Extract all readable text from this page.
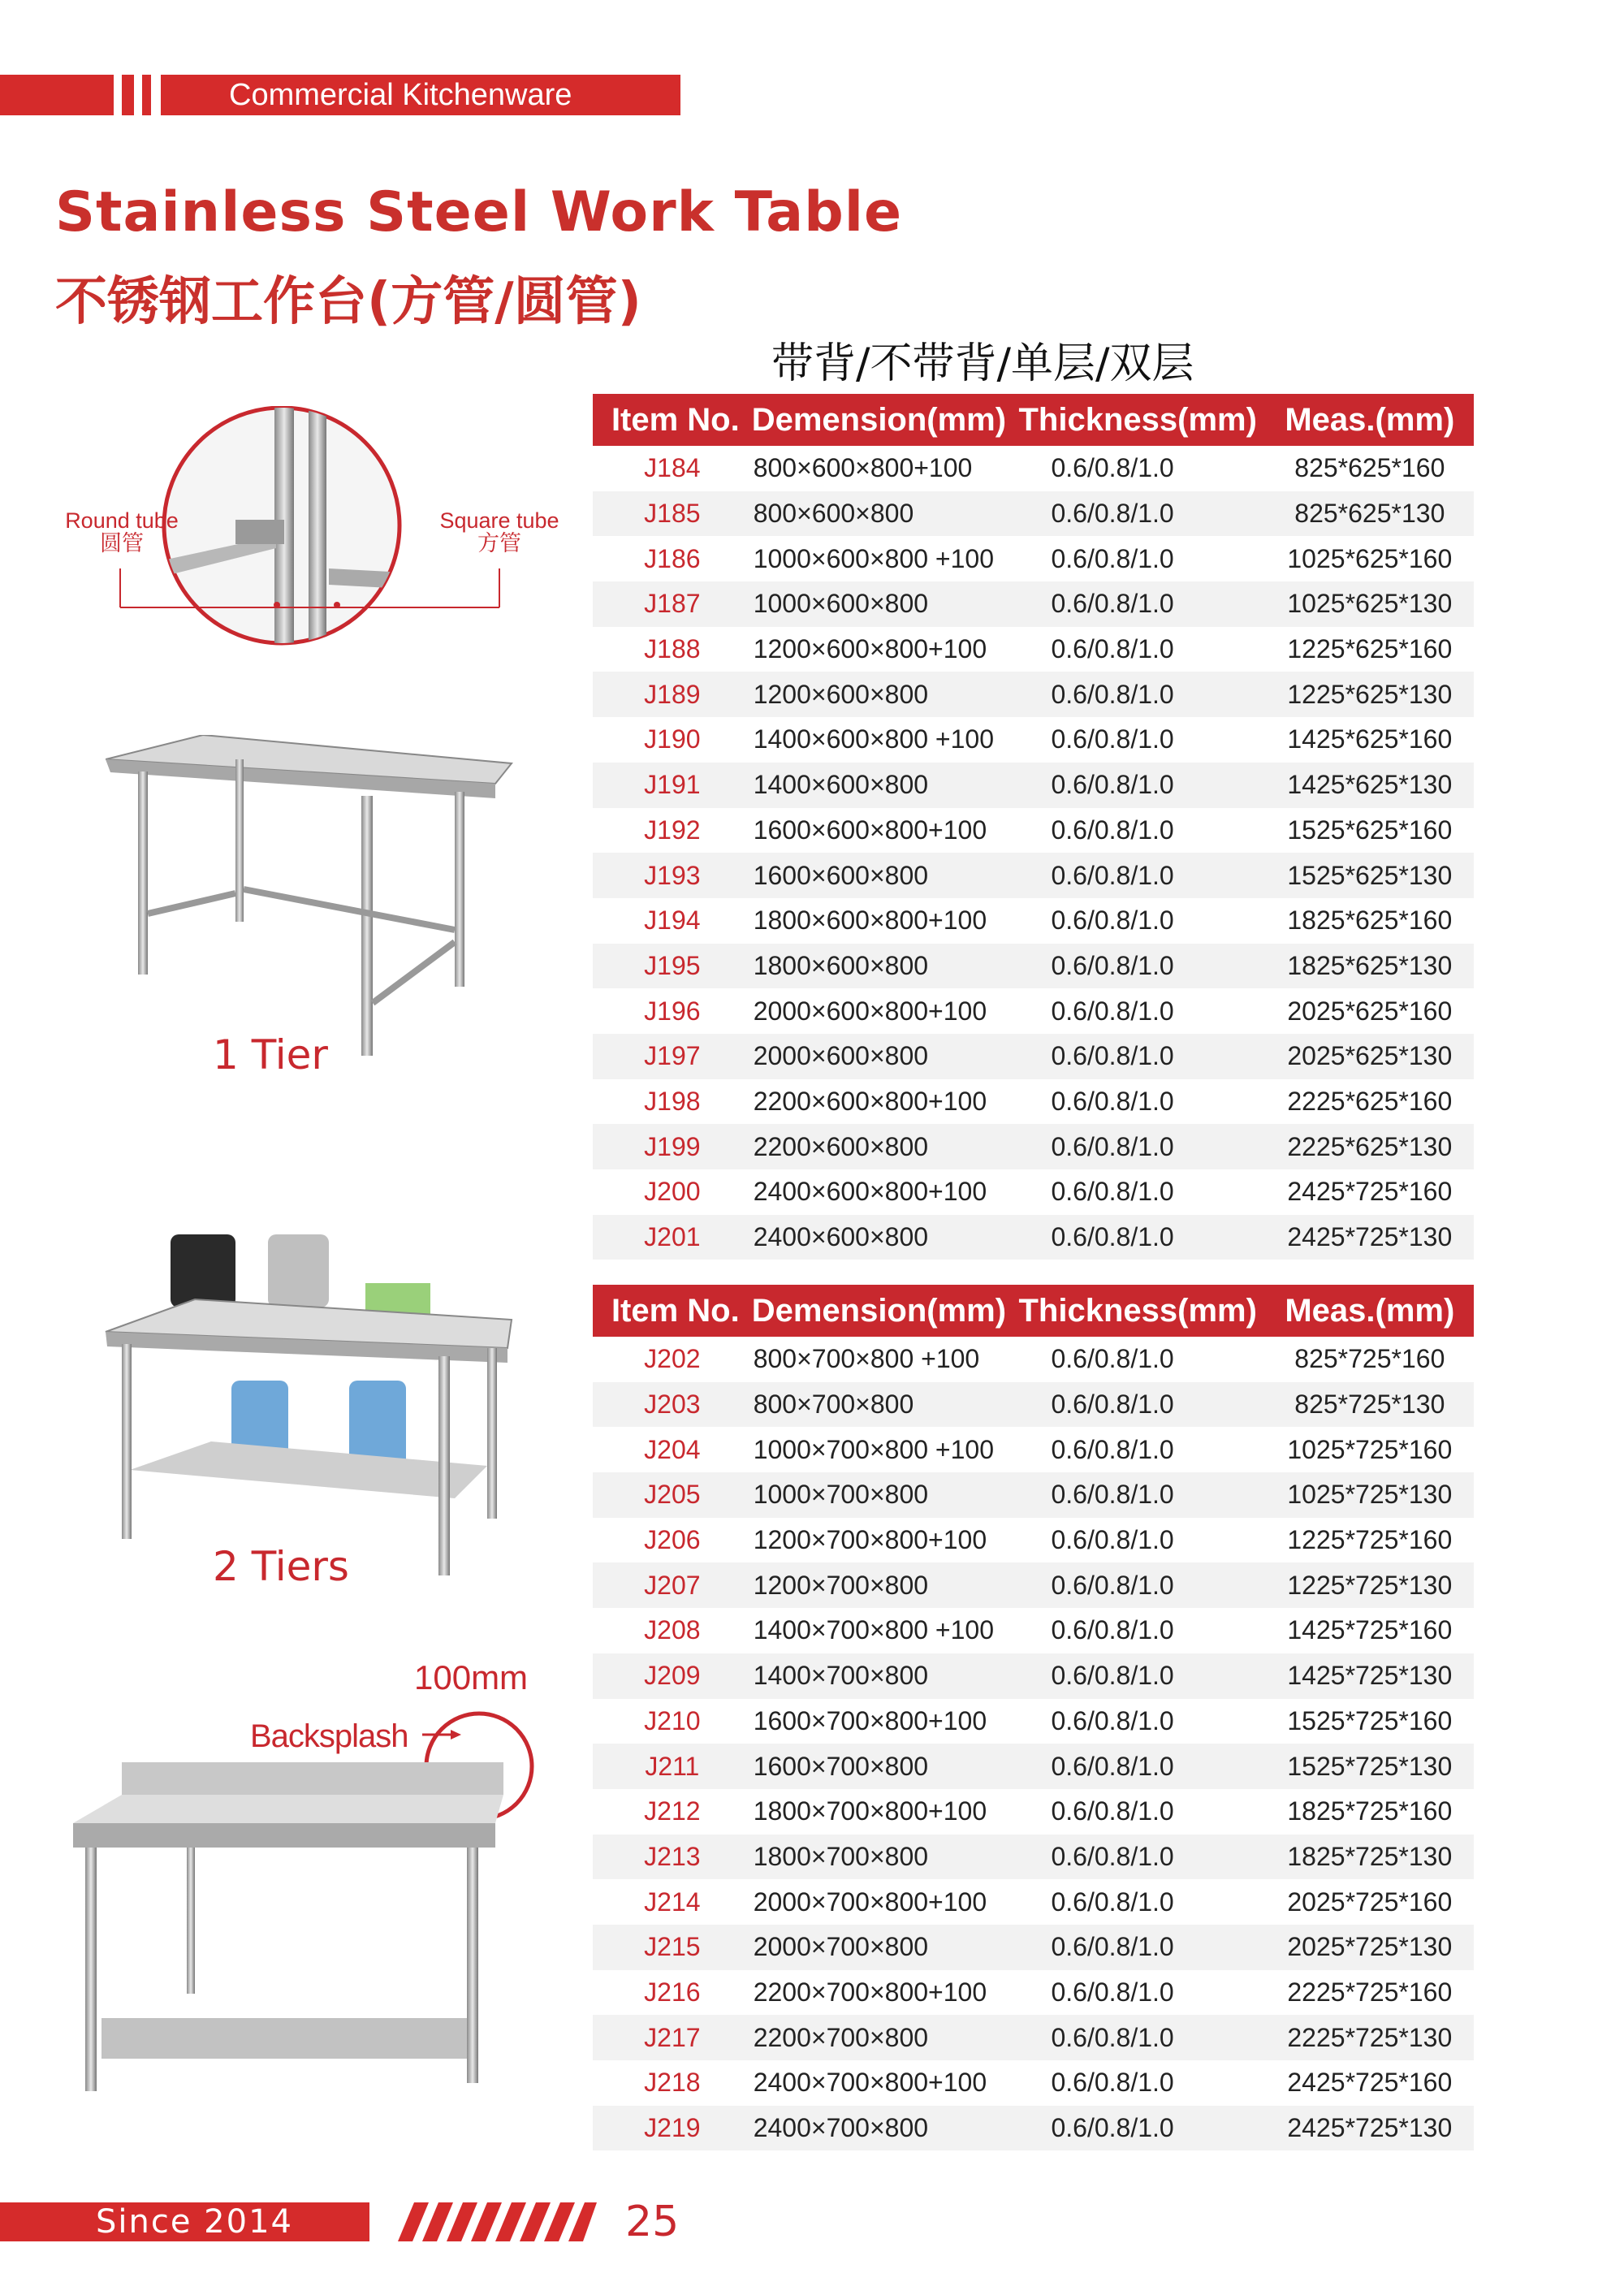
Commercial Kitchenware
Stainless Steel Work Table
不锈钢工作台(方管/圆管)
带背/不带背/单层/双层
Round tube
圆管
Square tube
方管
1 Tier
2 Tiers
100mm
Backsplash
Item No.	Demension(mm)	Thickness(mm)	Meas.(mm)
J184	800×600×800+100	0.6/0.8/1.0	825*625*160
J185	800×600×800	0.6/0.8/1.0	825*625*130
J186	1000×600×800 +100	0.6/0.8/1.0	1025*625*160
J187	1000×600×800	0.6/0.8/1.0	1025*625*130
J188	1200×600×800+100	0.6/0.8/1.0	1225*625*160
J189	1200×600×800	0.6/0.8/1.0	1225*625*130
J190	1400×600×800 +100	0.6/0.8/1.0	1425*625*160
J191	1400×600×800	0.6/0.8/1.0	1425*625*130
J192	1600×600×800+100	0.6/0.8/1.0	1525*625*160
J193	1600×600×800	0.6/0.8/1.0	1525*625*130
J194	1800×600×800+100	0.6/0.8/1.0	1825*625*160
J195	1800×600×800	0.6/0.8/1.0	1825*625*130
J196	2000×600×800+100	0.6/0.8/1.0	2025*625*160
J197	2000×600×800	0.6/0.8/1.0	2025*625*130
J198	2200×600×800+100	0.6/0.8/1.0	2225*625*160
J199	2200×600×800	0.6/0.8/1.0	2225*625*130
J200	2400×600×800+100	0.6/0.8/1.0	2425*725*160
J201	2400×600×800	0.6/0.8/1.0	2425*725*130
Item No.	Demension(mm)	Thickness(mm)	Meas.(mm)
J202	800×700×800 +100	0.6/0.8/1.0	825*725*160
J203	800×700×800	0.6/0.8/1.0	825*725*130
J204	1000×700×800 +100	0.6/0.8/1.0	1025*725*160
J205	1000×700×800	0.6/0.8/1.0	1025*725*130
J206	1200×700×800+100	0.6/0.8/1.0	1225*725*160
J207	1200×700×800	0.6/0.8/1.0	1225*725*130
J208	1400×700×800 +100	0.6/0.8/1.0	1425*725*160
J209	1400×700×800	0.6/0.8/1.0	1425*725*130
J210	1600×700×800+100	0.6/0.8/1.0	1525*725*160
J211	1600×700×800	0.6/0.8/1.0	1525*725*130
J212	1800×700×800+100	0.6/0.8/1.0	1825*725*160
J213	1800×700×800	0.6/0.8/1.0	1825*725*130
J214	2000×700×800+100	0.6/0.8/1.0	2025*725*160
J215	2000×700×800	0.6/0.8/1.0	2025*725*130
J216	2200×700×800+100	0.6/0.8/1.0	2225*725*160
J217	2200×700×800	0.6/0.8/1.0	2225*725*130
J218	2400×700×800+100	0.6/0.8/1.0	2425*725*160
J219	2400×700×800	0.6/0.8/1.0	2425*725*130
Since 2014	25
